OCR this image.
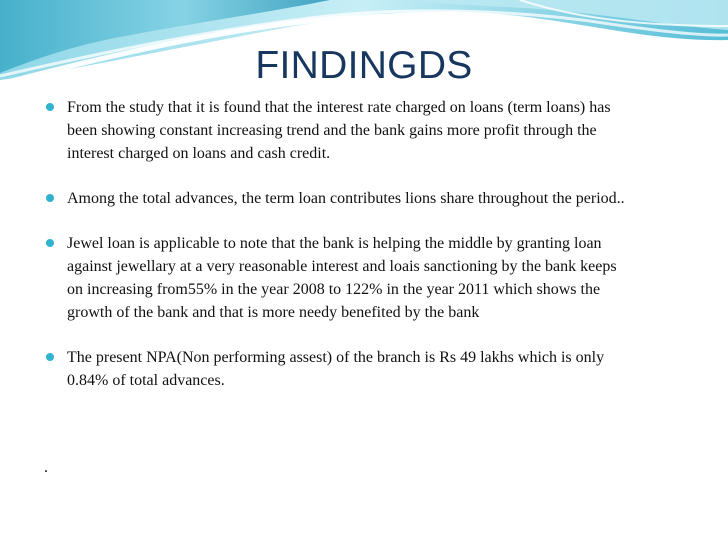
FINDINGDS
From the study that it is found that the interest rate charged on loans (term loans) has been showing constant increasing trend and the bank gains more profit through the interest charged on loans and cash credit.
Among the total advances, the term loan contributes lions share throughout the period..
Jewel loan is applicable to note that the bank is helping the middle by granting loan against jewellary at a very reasonable interest and loais sanctioning by the bank keeps on increasing from55% in the year 2008 to 122% in the year 2011 which shows the growth of the bank and that is more needy benefited by the bank
The present NPA(Non performing assest) of the branch is Rs 49 lakhs which is only 0.84% of total advances.
.
